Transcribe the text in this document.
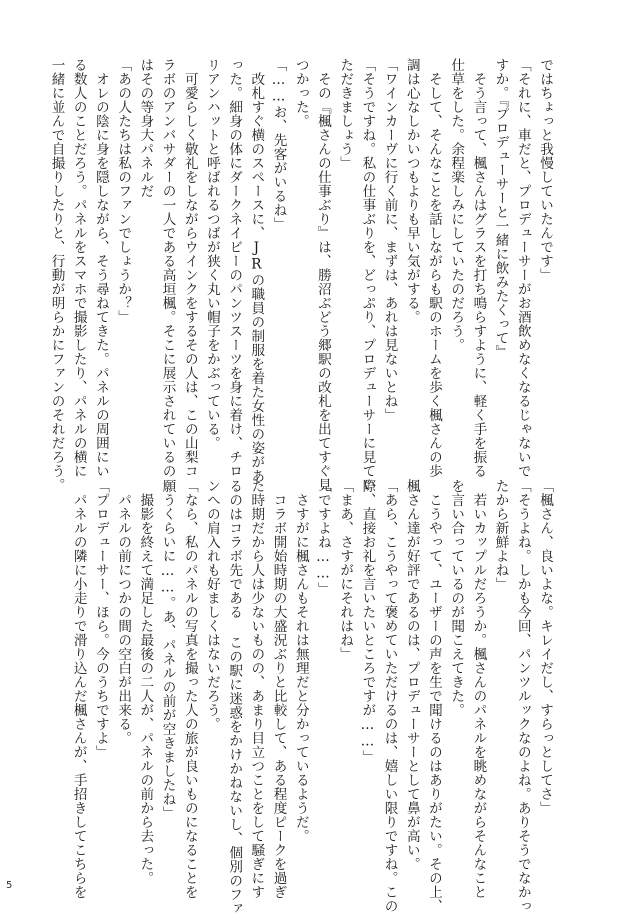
ではちょっと我慢していたんです」
「それに、車だと、プロデューサーがお酒飲めなくなるじゃないで
すか。『プロデューサーと一緒に飲みたくって』
　そう言って、楓さんはグラスを打ち鳴らすように、軽く手を振る
仕草をした。余程楽しみにしていたのだろう。
　そして、そんなことを話しながらも駅のホームを歩く楓さんの歩
調は心なしかいつもよりも早い気がする。
「ワインカーヴに行く前に、まずは、あれは見ないとね」
「そうですね。私の仕事ぶりを、どっぷり、プロデューサーに見てい
ただきましょう」
　その『楓さんの仕事ぶり』は、勝沼ぶどう郷駅の改札を出てすぐ見
つかった。
「……お、先客がいるね」
　改札すぐ横のスペースに、JRの職員の制服を着た女性の姿があ
った。細身の体にダークネイビーのパンツスーツを身に着け、チロ
リアンハットと呼ばれるつばが狭く丸い帽子をかぶっている。
　可愛らしく敬礼をしながらウインクをするその人は、この山梨コ
ラボのアンバサダーの一人である高垣楓。そこに展示されているの
はその等身大パネルだ
「あの人たちは私のファンでしょうか？」
　オレの陰に身を隠しながら、そう尋ねてきた。パネルの周囲にい
る数人のことだろう。パネルをスマホで撮影したり、パネルの横に
一緒に並んで自撮りしたりと、行動が明らかにファンのそれだろう。
「楓さん、良いよな。キレイだし、すらっとしてさ」
「そうよね。しかも今回、パンツルックなのよね。ありそうでなかっ
たから新鮮よね」
　若いカップルだろうか。楓さんのパネルを眺めながらそんなこと
を言い合っているのが聞こえてきた。
　こうやって、ユーザーの声を生で聞けるのはありがたい。その上、
楓さん達が好評であるのは、プロデューサーとして鼻が高い。
「あら、こうやって褒めていただけるのは、嬉しい限りですね。この
際、直接お礼を言いたいところですが……」
「まあ、さすがにそれはね」
「ですよね……」
　さすがに楓さんもそれは無理だと分かっているようだ。
　コラボ開始時期の大盛況ぶりと比較して、ある程度ピークを過ぎ
た時期だから人は少ないものの、あまり目立つことをして騒ぎにす
るのはコラボ先である この駅に迷惑をかけかねないし、個別のファ
ンへの肩入れも好ましくはないだろう。
「なら、私のパネルの写真を撮った人の旅が良いものになることを
願うくらいに……。あ、パネルの前が空きましたね」
　撮影を終えて満足した最後の二人が、パネルの前から去った。
　パネルの前につかの間の空白が出来る。
「プロデューサー、ほら。今のうちですよ」
　パネルの隣に小走りで滑り込んだ楓さんが、手招きしてこちらを
5
